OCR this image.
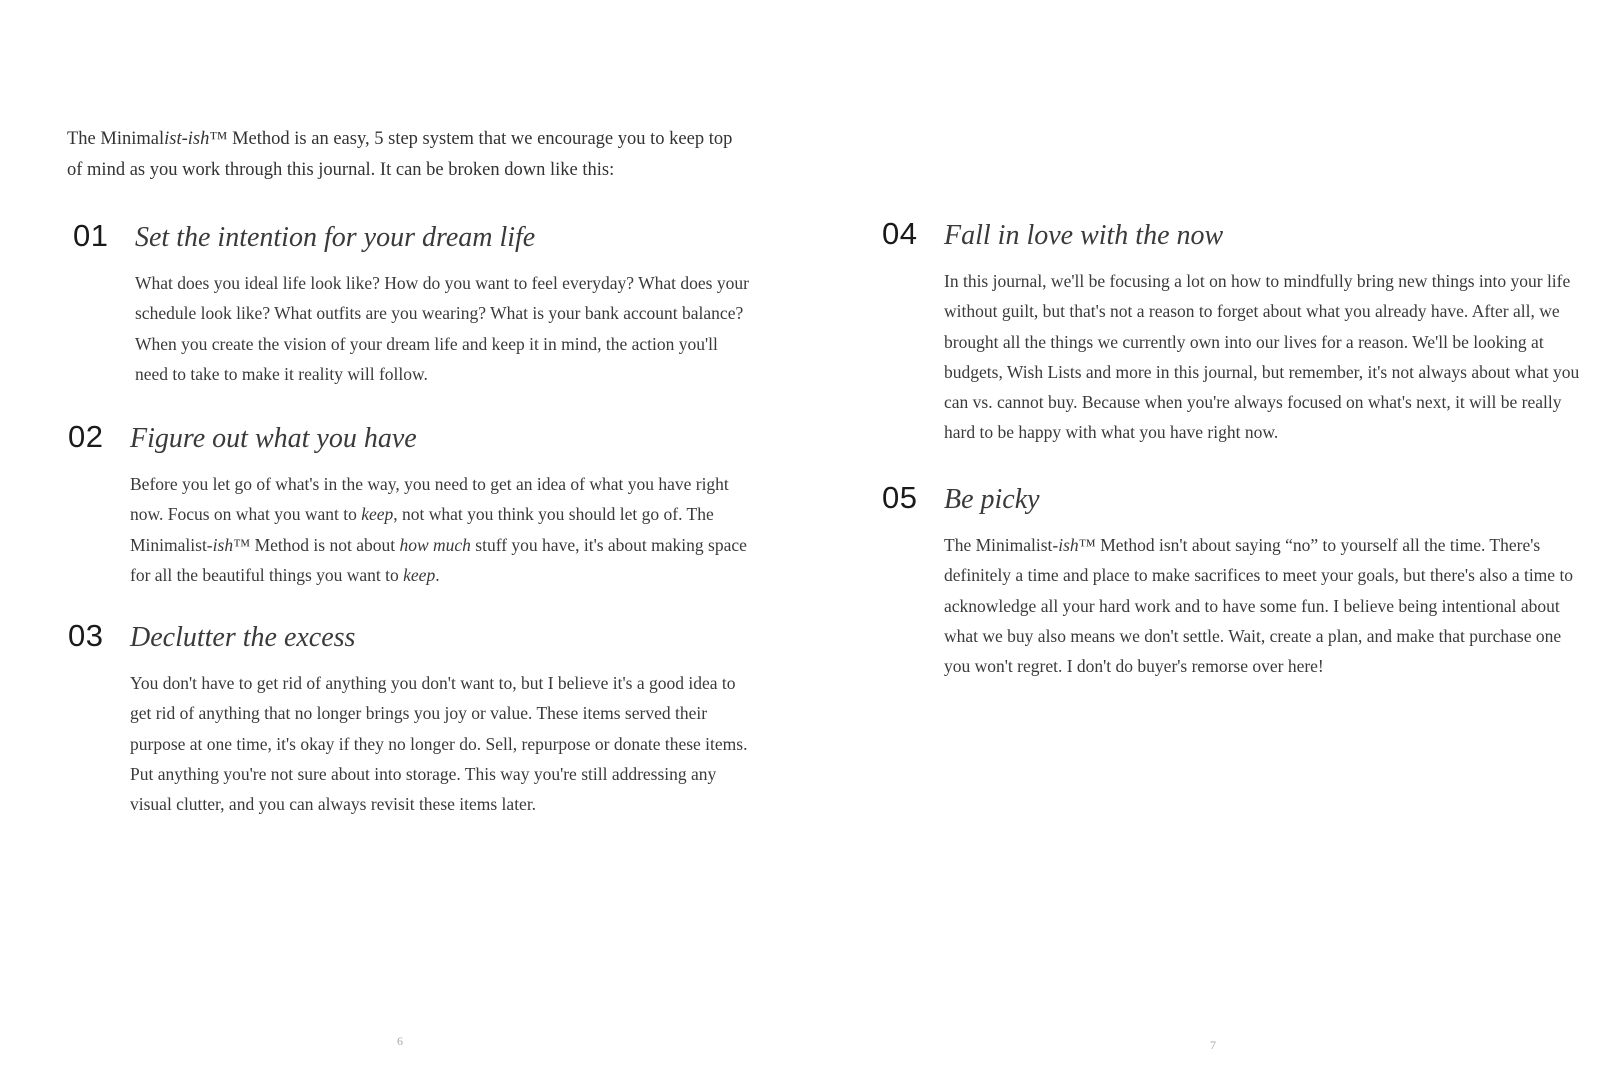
The Minimalist-ish™ Method is an easy, 5 step system that we encourage you to keep top of mind as you work through this journal. It can be broken down like this:

01 Set the intention for your dream life
What does you ideal life look like? How do you want to feel everyday? What does your schedule look like? What outfits are you wearing? What is your bank account balance? When you create the vision of your dream life and keep it in mind, the action you'll need to take to make it reality will follow.
02 Figure out what you have
Before you let go of what's in the way, you need to get an idea of what you have right now. Focus on what you want to keep, not what you think you should let go of. The Minimalist-ish™ Method is not about how much stuff you have, it's about making space for all the beautiful things you want to keep.
03 Declutter the excess
You don't have to get rid of anything you don't want to, but I believe it's a good idea to get rid of anything that no longer brings you joy or value. These items served their purpose at one time, it's okay if they no longer do. Sell, repurpose or donate these items. Put anything you're not sure about into storage. This way you're still addressing any visual clutter, and you can always revisit these items later.
6
04 Fall in love with the now
In this journal, we'll be focusing a lot on how to mindfully bring new things into your life without guilt, but that's not a reason to forget about what you already have. After all, we brought all the things we currently own into our lives for a reason. We'll be looking at budgets, Wish Lists and more in this journal, but remember, it's not always about what you can vs. cannot buy. Because when you're always focused on what's next, it will be really hard to be happy with what you have right now.
05 Be picky
The Minimalist-ish™ Method isn't about saying “no” to yourself all the time. There's definitely a time and place to make sacrifices to meet your goals, but there's also a time to acknowledge all your hard work and to have some fun. I believe being intentional about what we buy also means we don't settle. Wait, create a plan, and make that purchase one you won't regret. I don't do buyer's remorse over here!
7
